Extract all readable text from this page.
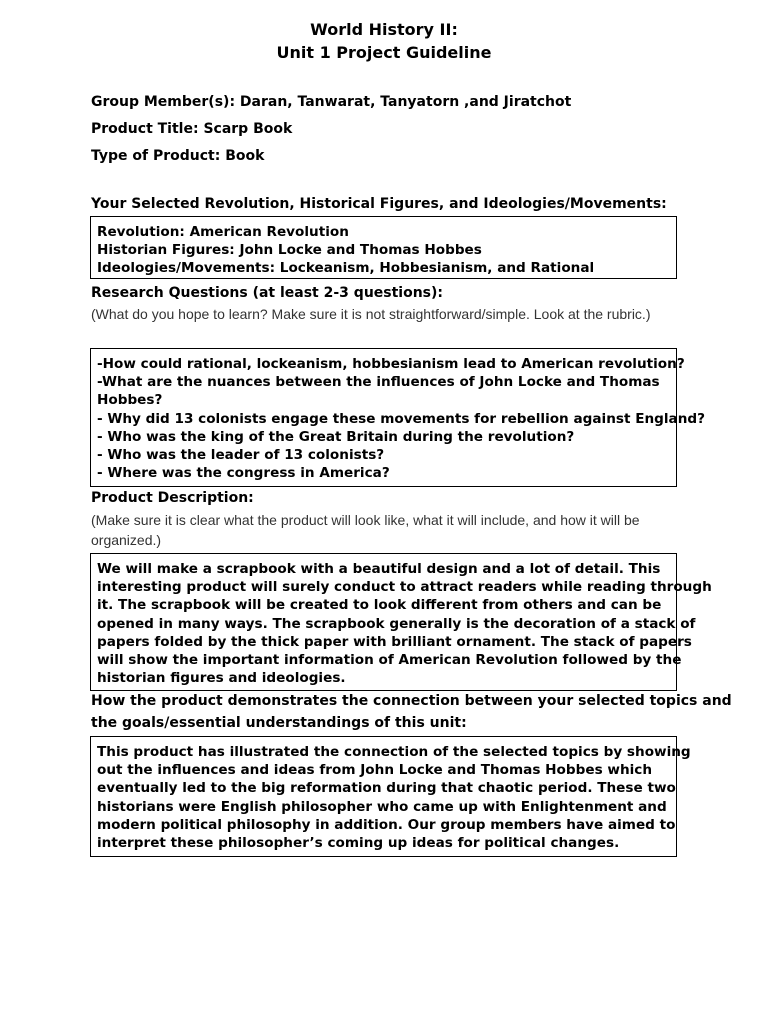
World History II:
Unit 1 Project Guideline
Group Member(s): Daran, Tanwarat, Tanyatorn ,and Jiratchot
Product Title: Scarp Book
Type of Product: Book
Your Selected Revolution, Historical Figures, and Ideologies/Movements:
Revolution: American Revolution
Historian Figures: John Locke and Thomas Hobbes
Ideologies/Movements: Lockeanism, Hobbesianism, and Rational
Research Questions (at least 2-3 questions):
(What do you hope to learn? Make sure it is not straightforward/simple. Look at the rubric.)
-How could rational, lockeanism, hobbesianism lead to American revolution?
-What are the nuances between the influences of John Locke and Thomas
Hobbes?
- Why did 13 colonists engage these movements for rebellion against England?
- Who was the king of the Great Britain during the revolution?
- Who was the leader of 13 colonists?
- Where was the congress in America?
Product Description:
(Make sure it is clear what the product will look like, what it will include, and how it will be organized.)
We will make a scrapbook with a beautiful design and a lot of detail. This
interesting product will surely conduct to attract readers while reading through
it. The scrapbook will be created to look different from others and can be
opened in many ways. The scrapbook generally is the decoration of a stack of
papers folded by the thick paper with brilliant ornament. The stack of papers
will show the important information of American Revolution followed by the
historian figures and ideologies.
How the product demonstrates the connection between your selected topics and
the goals/essential understandings of this unit:
This product has illustrated the connection of the selected topics by showing
out the influences and ideas from John Locke and Thomas Hobbes which
eventually led to the big reformation during that chaotic period. These two
historians were English philosopher who came up with Enlightenment and
modern political philosophy in addition. Our group members have aimed to
interpret these philosopher’s coming up ideas for political changes.
